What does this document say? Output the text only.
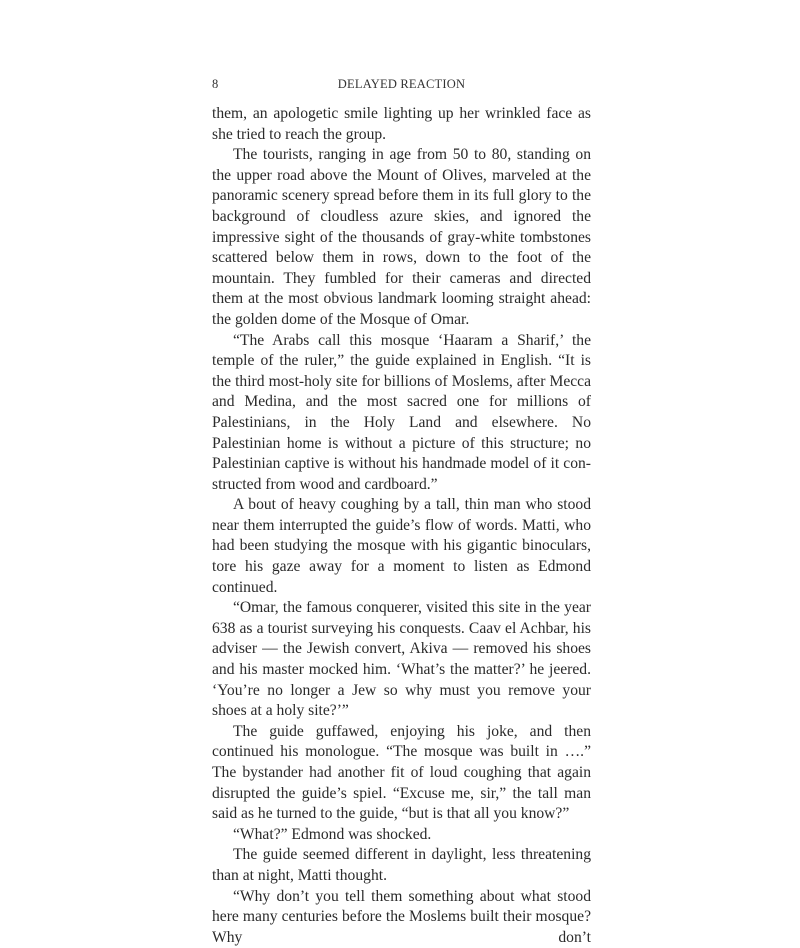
8	DELAYED REACTION

them, an apologetic smile lighting up her wrinkled face as she tried to reach the group.

The tourists, ranging in age from 50 to 80, standing on the upper road above the Mount of Olives, marveled at the panoramic scenery spread before them in its full glory to the background of cloudless azure skies, and ignored the impressive sight of the thousands of gray-white tombstones scattered below them in rows, down to the foot of the mountain. They fumbled for their cameras and directed them at the most obvious landmark looming straight ahead: the golden dome of the Mosque of Omar.

“The Arabs call this mosque ‘Haaram a Sharif,’ the temple of the ruler,” the guide explained in English. “It is the third most-holy site for billions of Moslems, after Mecca and Medina, and the most sacred one for millions of Palestinians, in the Holy Land and elsewhere. No Palestinian home is without a picture of this structure; no Palestinian captive is without his handmade model of it constructed from wood and cardboard.”

A bout of heavy coughing by a tall, thin man who stood near them interrupted the guide’s flow of words. Matti, who had been studying the mosque with his gigantic binoculars, tore his gaze away for a moment to listen as Edmond continued.

“Omar, the famous conquerer, visited this site in the year 638 as a tourist surveying his conquests. Caav el Achbar, his adviser — the Jewish convert, Akiva — removed his shoes and his master mocked him. ‘What’s the matter?’ he jeered. ‘You’re no longer a Jew so why must you remove your shoes at a holy site?’”

The guide guffawed, enjoying his joke, and then continued his monologue. “The mosque was built in ….” The bystander had another fit of loud coughing that again disrupted the guide’s spiel. “Excuse me, sir,” the tall man said as he turned to the guide, “but is that all you know?”

“What?” Edmond was shocked.

The guide seemed different in daylight, less threatening than at night, Matti thought.

“Why don’t you tell them something about what stood here many centuries before the Moslems built their mosque? Why don’t
